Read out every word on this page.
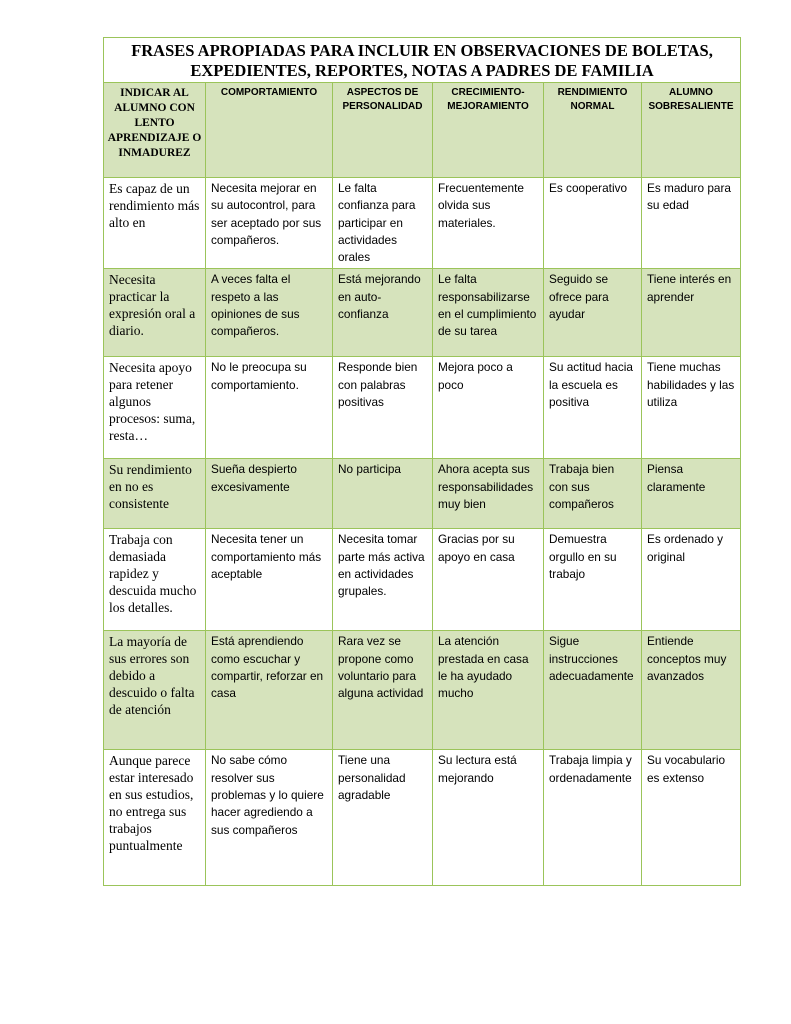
FRASES APROPIADAS PARA INCLUIR EN OBSERVACIONES DE BOLETAS,
EXPEDIENTES, REPORTES, NOTAS A PADRES DE FAMILIA					

INDICAR AL ALUMNO CON LENTO APRENDIZAJE O INMADUREZ	COMPORTAMIENTO	ASPECTOS DE PERSONALIDAD	CRECIMIENTO-MEJORAMIENTO	RENDIMIENTO NORMAL	ALUMNO SOBRESALIENTE
Es capaz de un rendimiento más alto en	Necesita mejorar en su autocontrol, para ser aceptado por sus compañeros.	Le falta confianza para participar en actividades orales	Frecuentemente olvida sus materiales.	Es cooperativo	Es maduro para su edad
Necesita practicar la expresión oral a diario.	A veces falta el respeto a las opiniones de sus compañeros.	Está mejorando en auto-confianza	Le falta responsabilizarse en el cumplimiento de su tarea	Seguido se ofrece para ayudar	Tiene interés en aprender
Necesita apoyo para retener algunos procesos: suma, resta…	No le preocupa su comportamiento.	Responde bien con palabras positivas	Mejora poco a poco	Su actitud hacia la escuela es positiva	Tiene muchas habilidades y las utiliza
Su rendimiento en no es consistente	Sueña despierto excesivamente	No participa	Ahora acepta sus responsabilidades muy bien	Trabaja bien con sus compañeros	Piensa claramente
Trabaja con demasiada rapidez y descuida mucho los detalles.	Necesita tener un comportamiento más aceptable	Necesita tomar parte más activa en actividades grupales.	Gracias por su apoyo en casa	Demuestra orgullo en su trabajo	Es ordenado y original
La mayoría de sus errores son debido a descuido o falta de atención	Está aprendiendo como escuchar y compartir, reforzar en casa	Rara vez se propone como voluntario para alguna actividad	La atención prestada en casa le ha ayudado mucho	Sigue instrucciones adecuadamente	Entiende conceptos muy avanzados
Aunque parece estar interesado en sus estudios, no entrega sus trabajos puntualmente	No sabe cómo resolver sus problemas y lo quiere hacer agrediendo a sus compañeros	Tiene una personalidad agradable	Su lectura está mejorando	Trabaja limpia y ordenadamente	Su vocabulario es extenso
